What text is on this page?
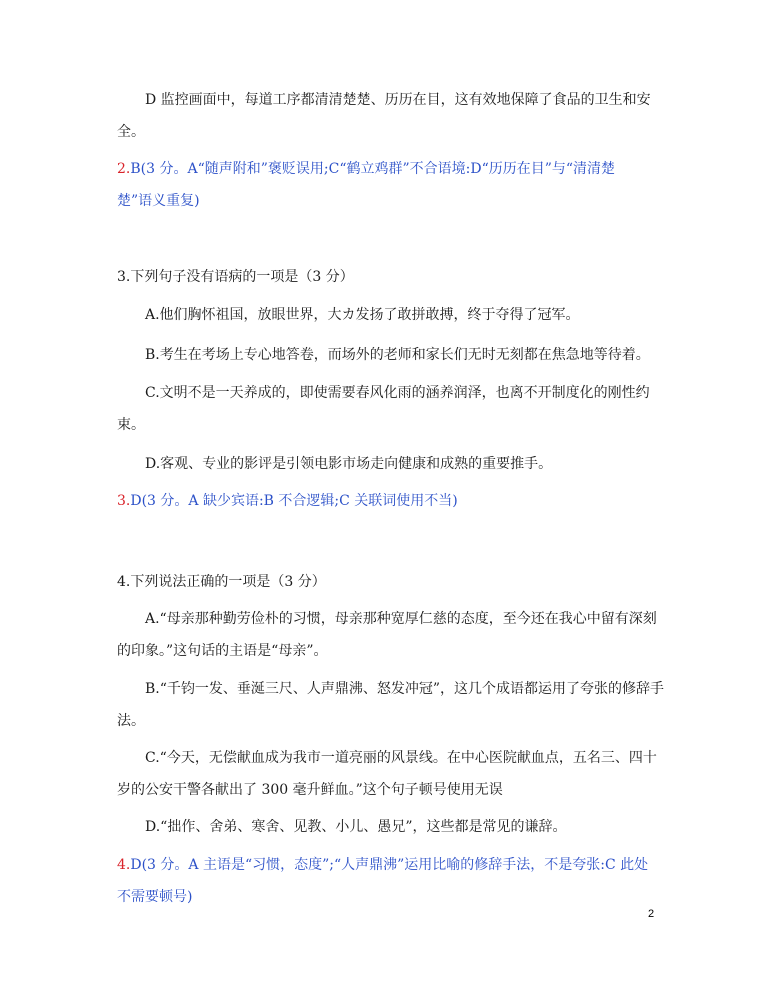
D 监控画面中，每道工序都清清楚楚、历历在目，这有效地保障了食品的卫生和安
全。
2.B(3 分。A“随声附和”褒贬误用;C“鹤立鸡群”不合语境:D“历历在目”与“清清楚
楚”语义重复)
3.下列句子没有语病的一项是（3 分）
A.他们胸怀祖国，放眼世界，大カ发扬了敢拼敢搏，终于夺得了冠军。
B.考生在考场上专心地答卷，而场外的老师和家长们无时无刻都在焦急地等待着。
C.文明不是一天养成的，即使需要春风化雨的涵养润泽，也离不开制度化的刚性约
束。
D.客观、专业的影评是引领电影市场走向健康和成熟的重要推手。
3.D(3 分。A 缺少宾语:B 不合逻辑;C 关联词使用不当)
4.下列说法正确的一项是（3 分）
A.“母亲那种勤劳俭朴的习惯，母亲那种宽厚仁慈的态度，至今还在我心中留有深刻
的印象。”这句话的主语是“母亲”。
B.“千钧一发、垂涎三尺、人声鼎沸、怒发冲冠”，这几个成语都运用了夸张的修辞手
法。
C.“今天，无偿献血成为我市一道亮丽的风景线。在中心医院献血点，五名三、四十
岁的公安干警各献出了 300 毫升鲜血。”这个句子顿号使用无误
D.“拙作、舍弟、寒舍、见教、小儿、愚兄”，这些都是常见的谦辞。
4.D(3 分。A 主语是“习惯，态度”;“人声鼎沸”运用比喻的修辞手法，不是夸张:C 此处
不需要顿号)
2
